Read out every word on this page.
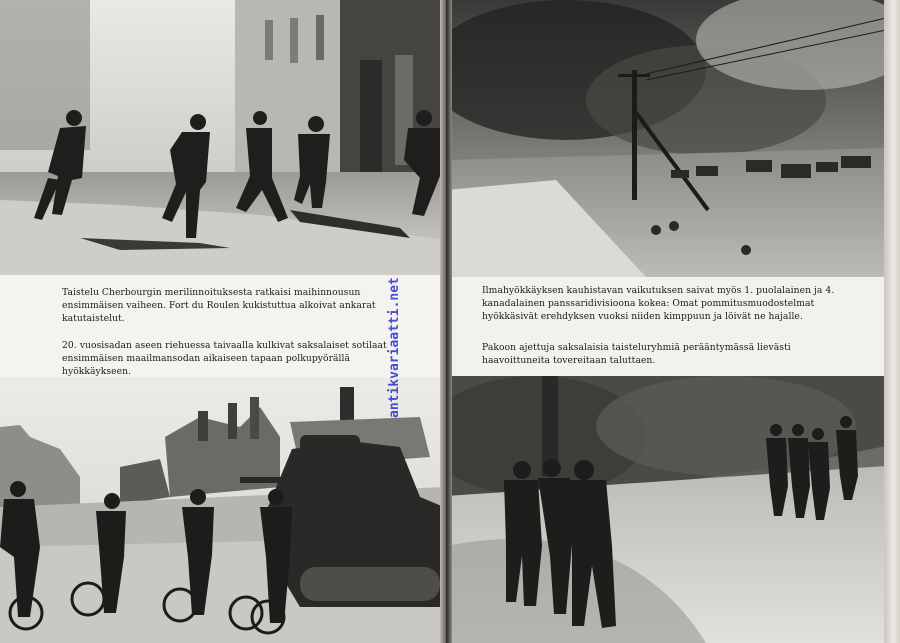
Taistelu Cherbourgin merilinnoituksesta ratkaisi maihinnousun ensimmäisen vaiheen. Fort du Roulen kukistuttua alkoivat ankarat katutaistelut.

20. vuosisadan aseen riehuessa taivaalla kulkivat saksalaiset sotilaat ensimmäisen maailmansodan aikaiseen tapaan polkupyörällä hyökkäykseen.	antikvariaatti.net	Ilmahyökkäyksen kauhistavan vaikutuksen saivat myös 1. puolalainen ja 4. kanadalainen panssaridivisioona kokea: Omat pommitusmuodostelmat hyökkäsivät erehdyksen vuoksi niiden kimppuun ja löivät ne hajalle.

Pakoon ajettuja saksalaisia taisteluryhmiä perääntymässä lievästi haavoittuneita tovereitaan taluttaen.
